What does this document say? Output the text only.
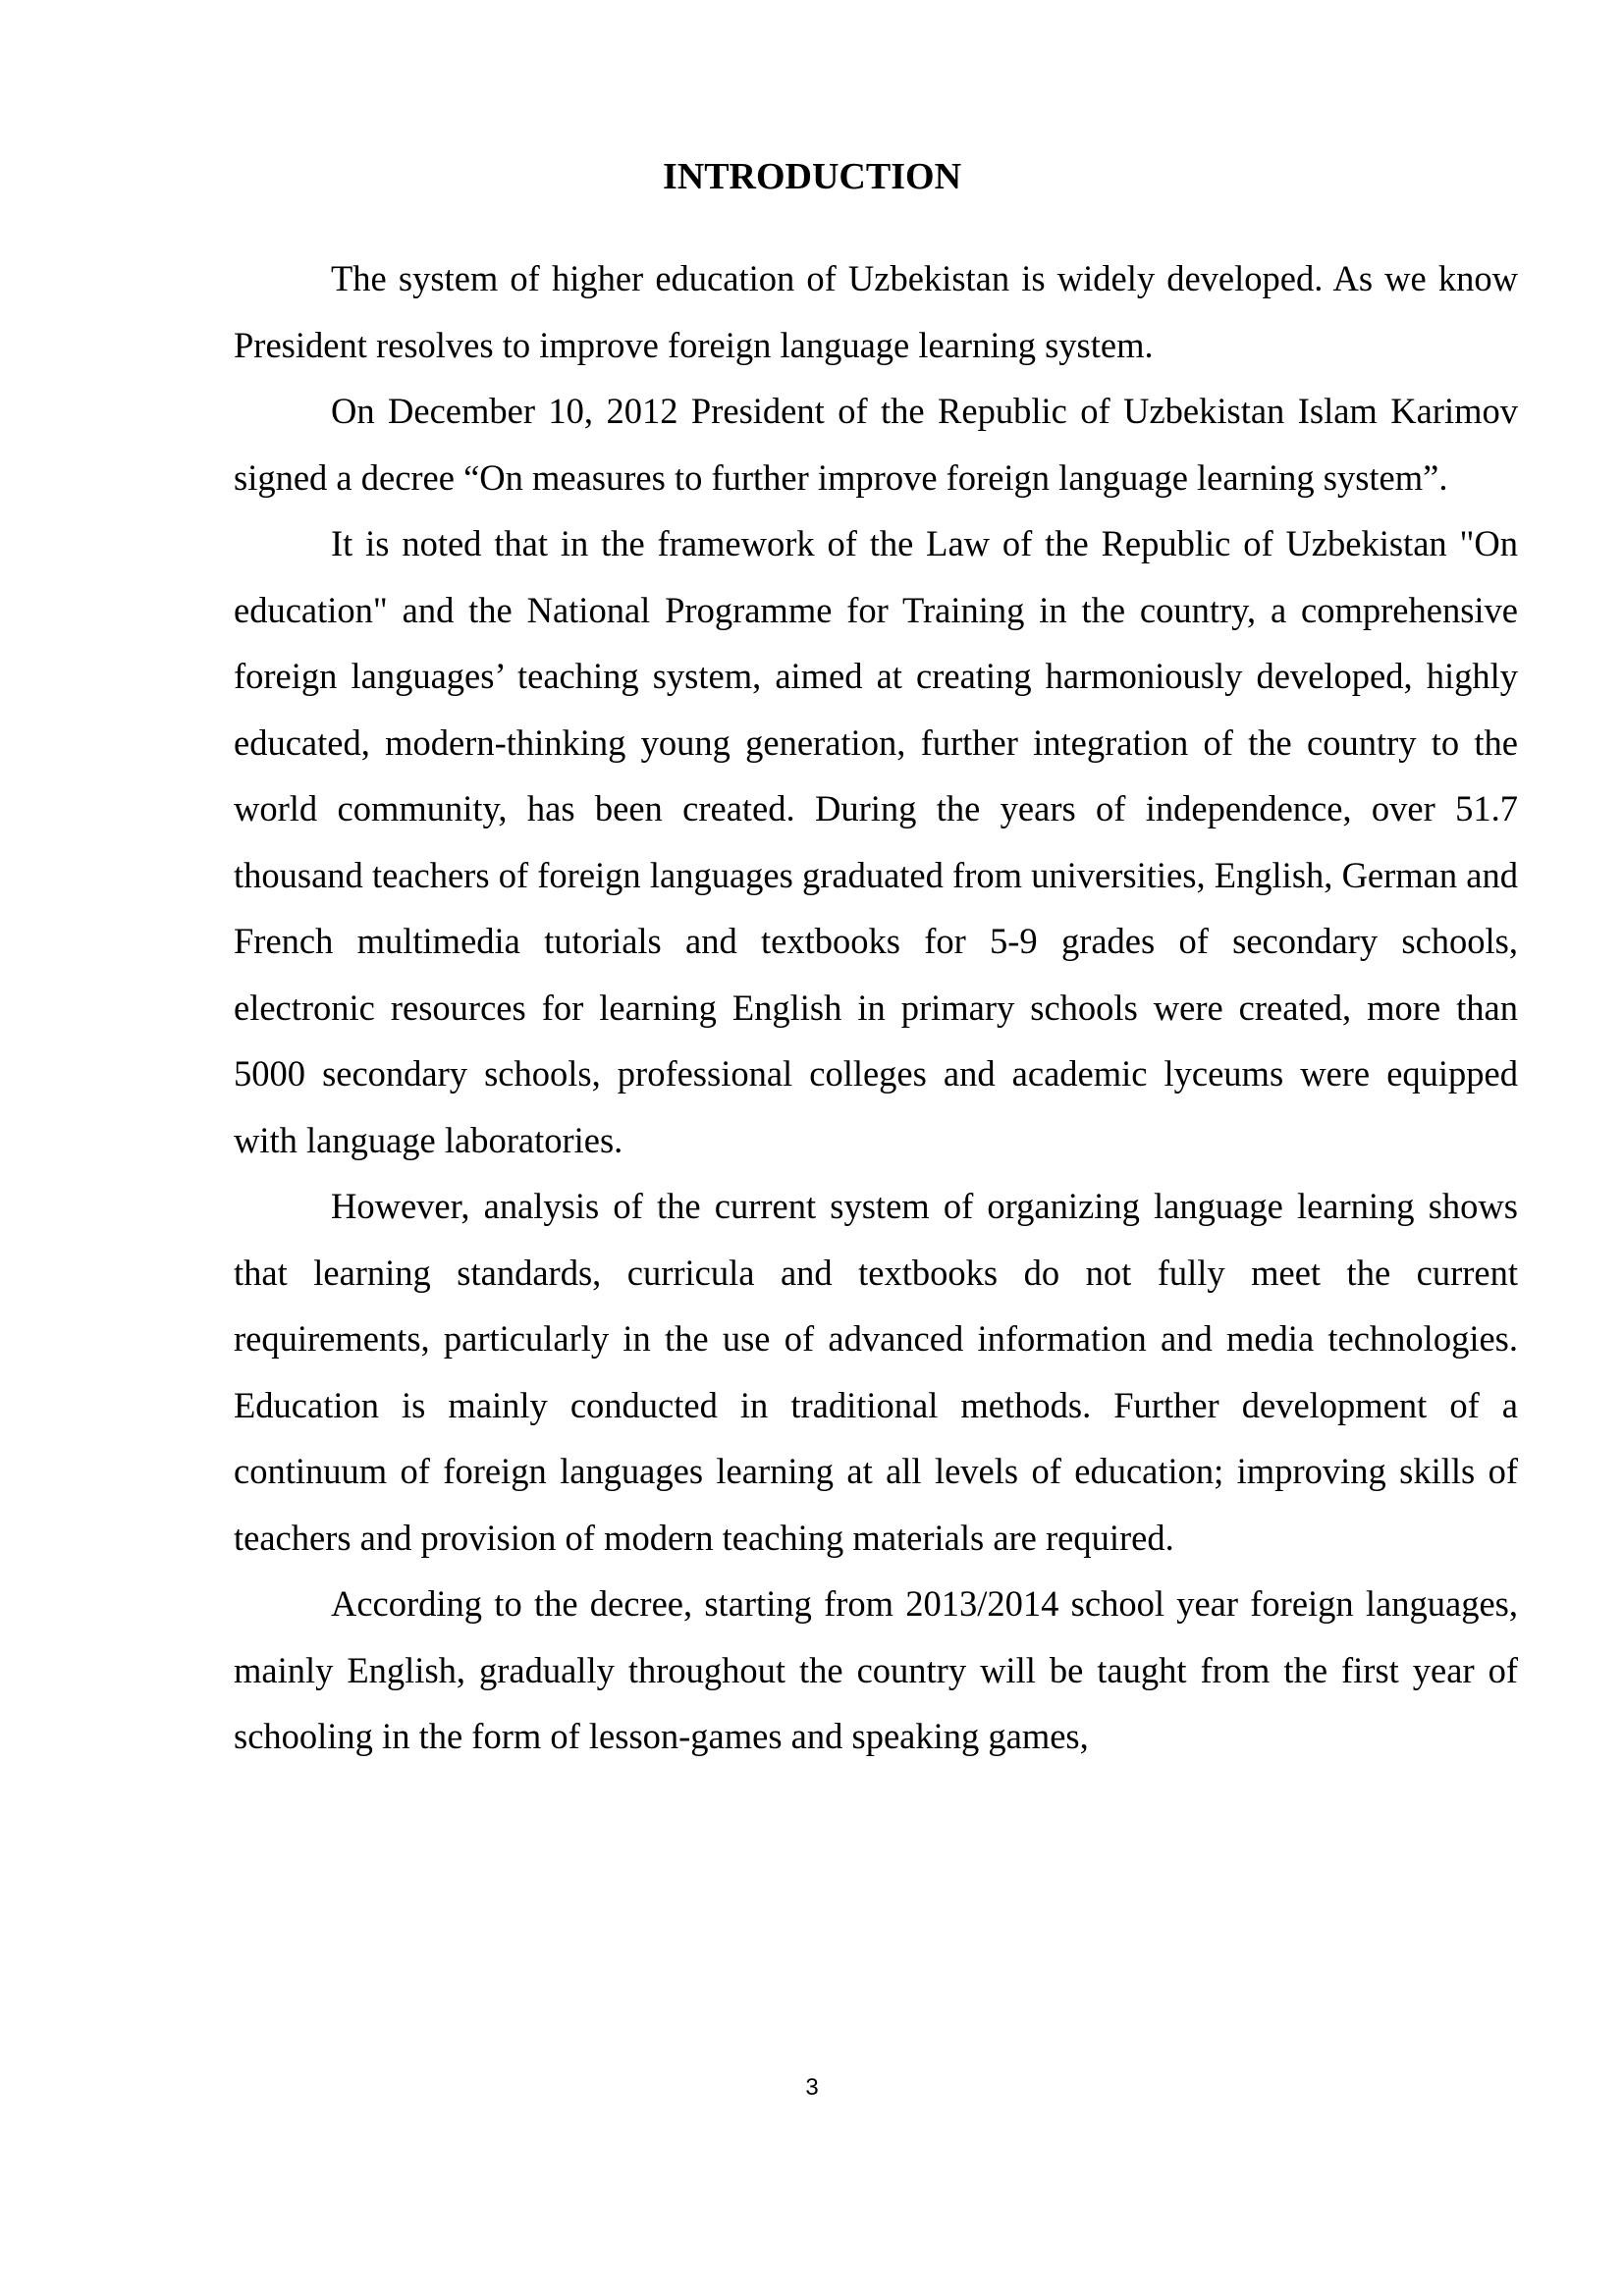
INTRODUCTION

The system of higher education of Uzbekistan is widely developed. As we know President resolves to improve foreign language learning system.

On December 10, 2012 President of the Republic of Uzbekistan Islam Karimov signed a decree “On measures to further improve foreign language learning system”.

It is noted that in the framework of the Law of the Republic of Uzbekistan "On education" and the National Programme for Training in the country, a comprehensive foreign languages’ teaching system, aimed at creating harmoniously developed, highly educated, modern-thinking young generation, further integration of the country to the world community, has been created. During the years of independence, over 51.7 thousand teachers of foreign languages graduated from universities, English, German and French multimedia tutorials and textbooks for 5-9 grades of secondary schools, electronic resources for learning English in primary schools were created, more than 5000 secondary schools, professional colleges and academic lyceums were equipped with language laboratories.

However, analysis of the current system of organizing language learning shows that learning standards, curricula and textbooks do not fully meet the current requirements, particularly in the use of advanced information and media technologies. Education is mainly conducted in traditional methods. Further development of a continuum of foreign languages learning at all levels of education; improving skills of teachers and provision of modern teaching materials are required.

According to the decree, starting from 2013/2014 school year foreign languages, mainly English, gradually throughout the country will be taught from the first year of schooling in the form of lesson-games and speaking games,

3
